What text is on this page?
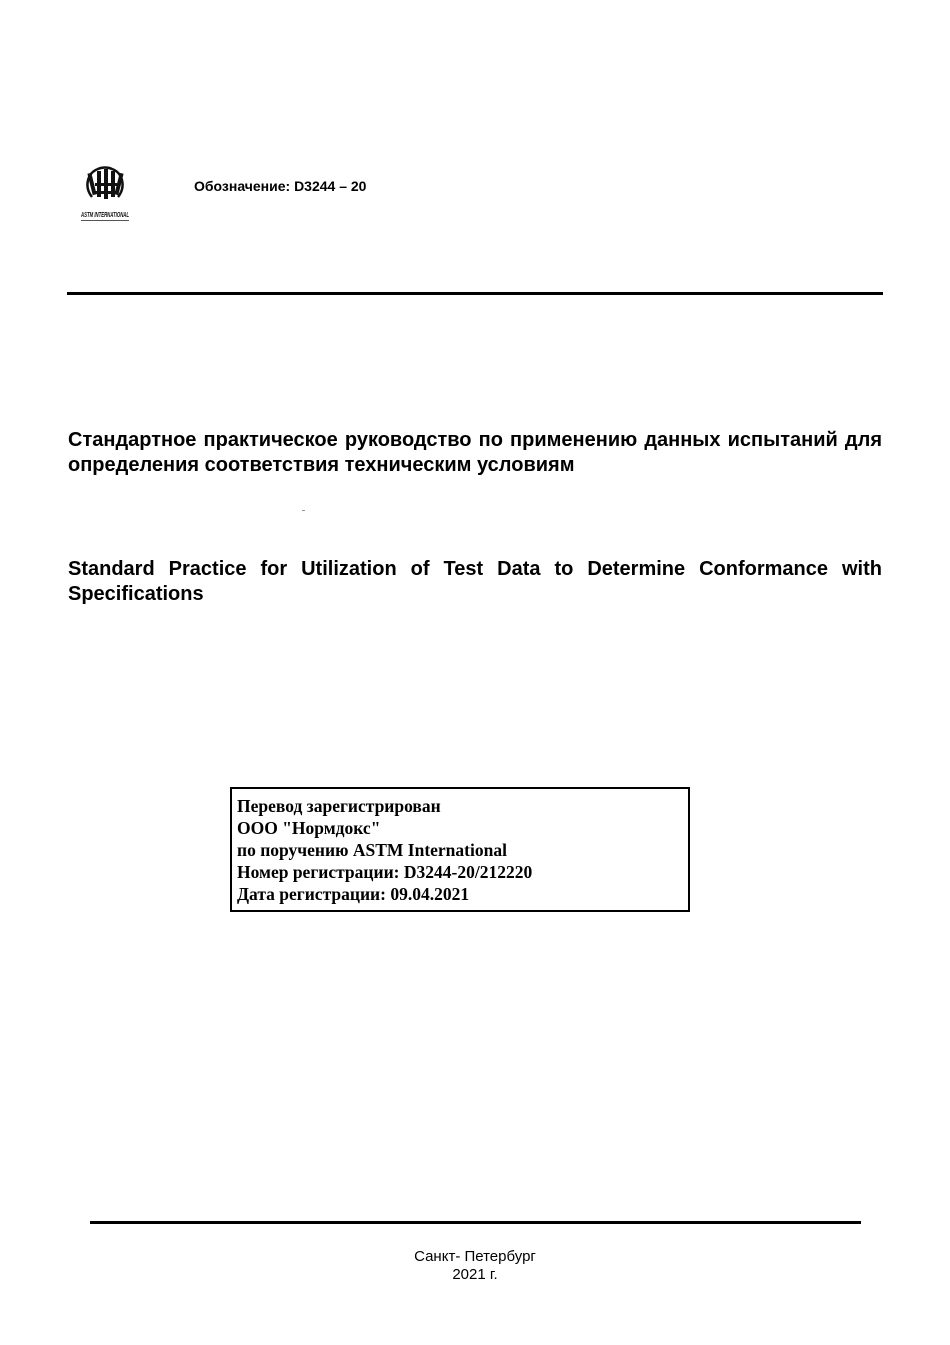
ASTM INTERNATIONAL
Обозначение: D3244 – 20
Стандартное практическое руководство по применению данных испытаний для определения соответствия техническим условиям
Standard Practice for Utilization of Test Data to Determine Conformance with Specifications
Перевод зарегистрирован
ООО "Нормдокс"
по поручению ASTM International
Номер регистрации: D3244-20/212220
Дата регистрации: 09.04.2021
Санкт- Петербург
2021 г.
